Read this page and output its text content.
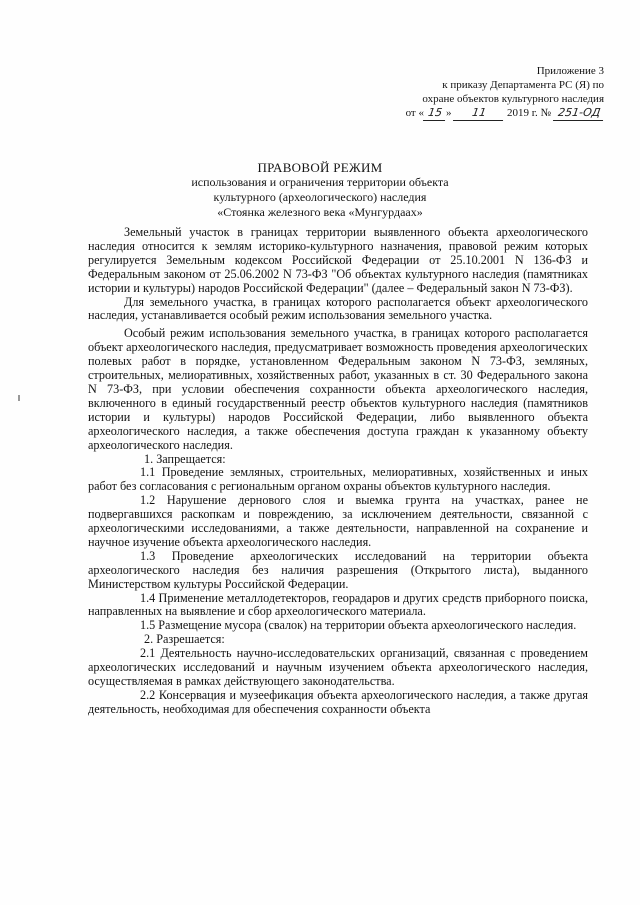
Приложение 3
к приказу Департамента РС (Я) по
охране объектов культурного наследия
от « 15 » 11 2019 г. № 251-ОД
ПРАВОВОЙ РЕЖИМ
использования и ограничения территории объекта
культурного (археологического) наследия
«Стоянка железного века «Мунгурдаах»

Земельный участок в границах территории выявленного объекта археологического наследия относится к землям историко-культурного назначения, правовой режим которых регулируется Земельным кодексом Российской Федерации от 25.10.2001 N 136-ФЗ и Федеральным законом от 25.06.2002 N 73-ФЗ "Об объектах культурного наследия (памятниках истории и культуры) народов Российской Федерации" (далее – Федеральный закон N 73-ФЗ).

Для земельного участка, в границах которого располагается объект археологического наследия, устанавливается особый режим использования земельного участка.

Особый режим использования земельного участка, в границах которого располагается объект археологического наследия, предусматривает возможность проведения археологических полевых работ в порядке, установленном Федеральным законом N 73-ФЗ, земляных, строительных, мелиоративных, хозяйственных работ, указанных в ст. 30 Федерального закона N 73-ФЗ, при условии обеспечения сохранности объекта археологического наследия, включенного в единый государственный реестр объектов культурного наследия (памятников истории и культуры) народов Российской Федерации, либо выявленного объекта археологического наследия, а также обеспечения доступа граждан к указанному объекту археологического наследия.

1. Запрещается:

1.1 Проведение земляных, строительных, мелиоративных, хозяйственных и иных работ без согласования с региональным органом охраны объектов культурного наследия.

1.2 Нарушение дернового слоя и выемка грунта на участках, ранее не подвергавшихся раскопкам и повреждению, за исключением деятельности, связанной с археологическими исследованиями, а также деятельности, направленной на сохранение и научное изучение объекта археологического наследия.

1.3 Проведение археологических исследований на территории объекта археологического наследия без наличия разрешения (Открытого листа), выданного Министерством культуры Российской Федерации.

1.4 Применение металлодетекторов, георадаров и других средств приборного поиска, направленных на выявление и сбор археологического материала.

1.5 Размещение мусора (свалок) на территории объекта археологического наследия.

2. Разрешается:

2.1 Деятельность научно-исследовательских организаций, связанная с проведением археологических исследований и научным изучением объекта археологического наследия, осуществляемая в рамках действующего законодательства.

2.2 Консервация и музеефикация объекта археологического наследия, а также другая деятельность, необходимая для обеспечения сохранности объекта
